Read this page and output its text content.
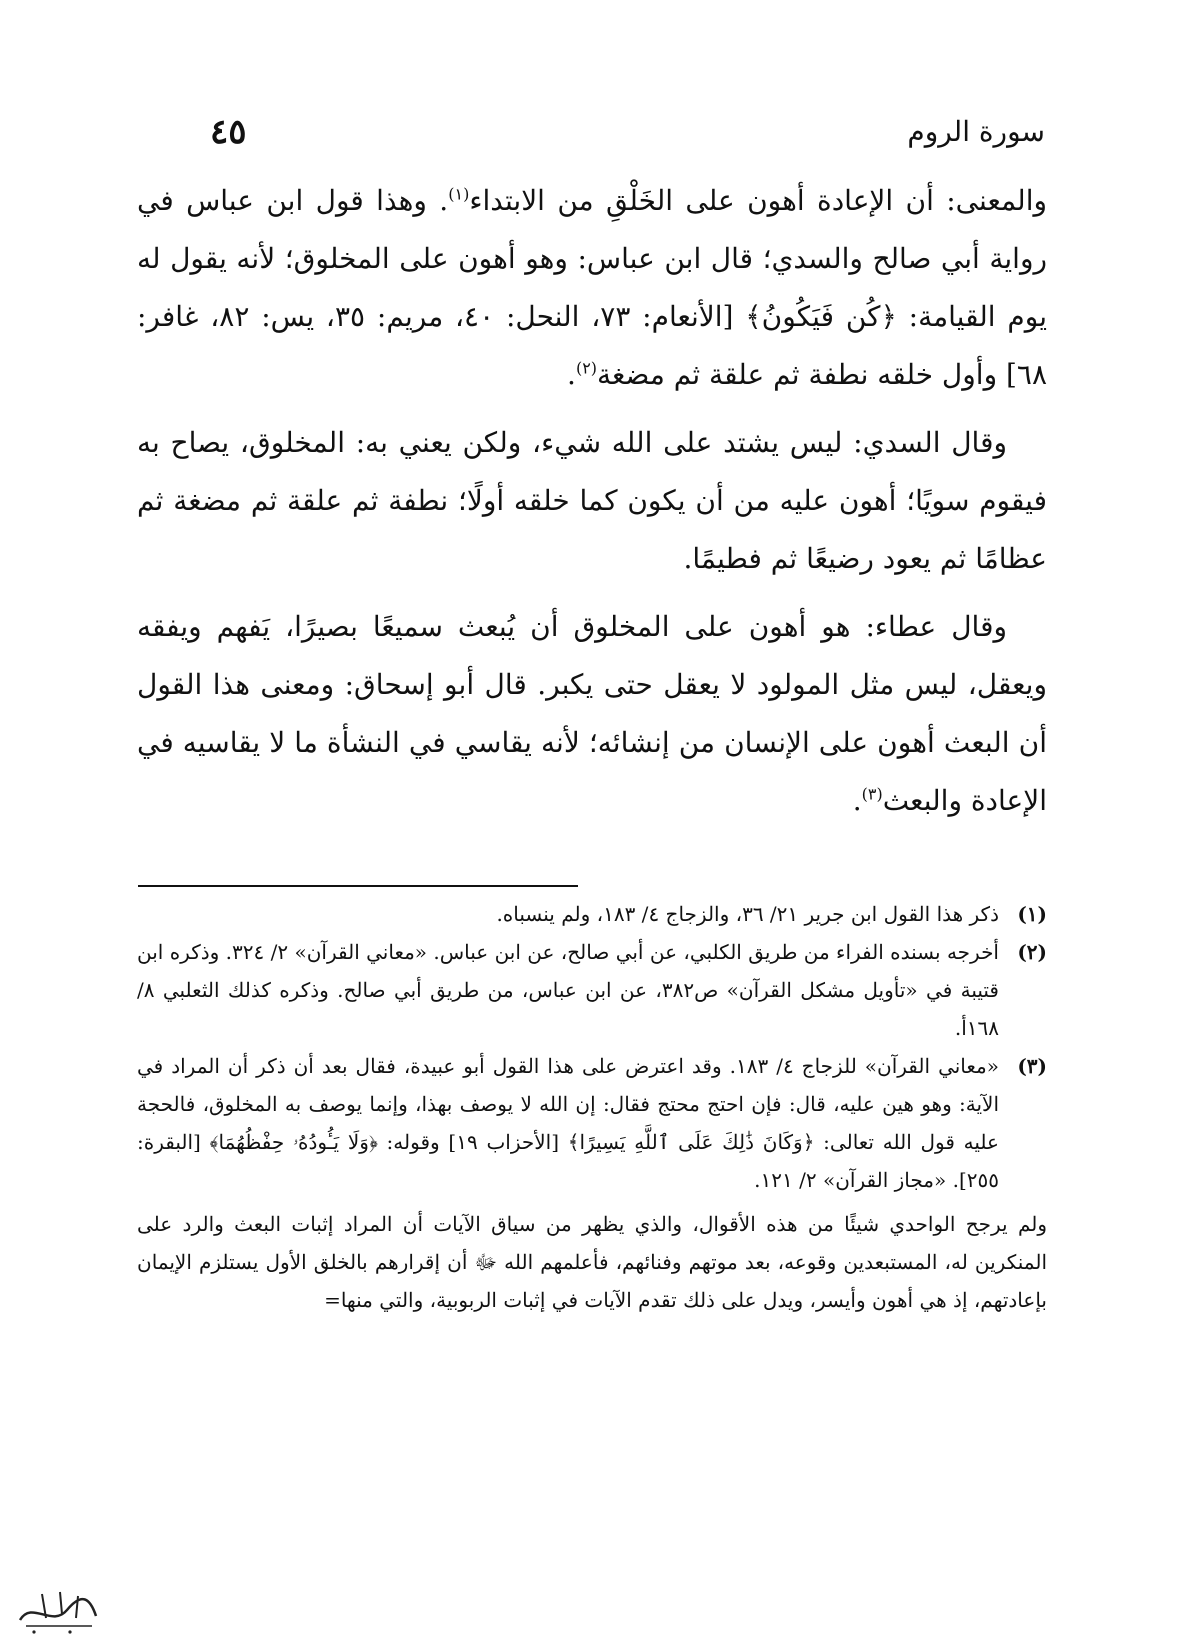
سورة الروم
٤٥

والمعنى: أن الإعادة أهون على الخَلْقِ من الابتداء$^{(١)}$. وهذا قول ابن عباس في رواية أبي صالح والسدي؛ قال ابن عباس: وهو أهون على المخلوق؛ لأنه يقول له يوم القيامة: ﴿كُن فَيَكُونُ﴾ [الأنعام: ٧٣، النحل: ٤٠، مريم: ٣٥، يس: ٨٢، غافر: ٦٨] وأول خلقه نطفة ثم علقة ثم مضغة$^{(٢)}$.

وقال السدي: ليس يشتد على الله شيء، ولكن يعني به: المخلوق، يصاح به فيقوم سويًا؛ أهون عليه من أن يكون كما خلقه أولًا؛ نطفة ثم علقة ثم مضغة ثم عظامًا ثم يعود رضيعًا ثم فطيمًا.

وقال عطاء: هو أهون على المخلوق أن يُبعث سميعًا بصيرًا، يَفهم ويفقه ويعقل، ليس مثل المولود لا يعقل حتى يكبر. قال أبو إسحاق: ومعنى هذا القول أن البعث أهون على الإنسان من إنشائه؛ لأنه يقاسي في النشأة ما لا يقاسيه في الإعادة والبعث$^{(٣)}$.

(١)
ذكر هذا القول ابن جرير ٢١/ ٣٦، والزجاج ٤/ ١٨٣، ولم ينسباه.

(٢)
أخرجه بسنده الفراء من طريق الكلبي، عن أبي صالح، عن ابن عباس. «معاني القرآن» ٢/ ٣٢٤. وذكره ابن قتيبة في «تأويل مشكل القرآن» ص٣٨٢، عن ابن عباس، من طريق أبي صالح. وذكره كذلك الثعلبي ٨/ ١٦٨أ.

(٣)
«معاني القرآن» للزجاج ٤/ ١٨٣. وقد اعترض على هذا القول أبو عبيدة، فقال بعد أن ذكر أن المراد في الآية: وهو هين عليه، قال: فإن احتج محتج فقال: إن الله لا يوصف بهذا، وإنما يوصف به المخلوق، فالحجة عليه قول الله تعالى: ﴿وَكَانَ ذَٰلِكَ عَلَى ٱللَّهِ يَسِيرًا﴾ [الأحزاب ١٩] وقوله: ﴿وَلَا يَـُٔودُهُۥ حِفْظُهُمَا﴾ [البقرة: ٢٥٥]. «مجاز القرآن» ٢/ ١٢١.

ولم يرجح الواحدي شيئًا من هذه الأقوال، والذي يظهر من سياق الآيات أن المراد إثبات البعث والرد على المنكرين له، المستبعدين وقوعه، بعد موتهم وفنائهم، فأعلمهم الله ﷻ أن إقرارهم بالخلق الأول يستلزم الإيمان بإعادتهم، إذ هي أهون وأيسر، ويدل على ذلك تقدم الآيات في إثبات الربوبية، والتي منها=
